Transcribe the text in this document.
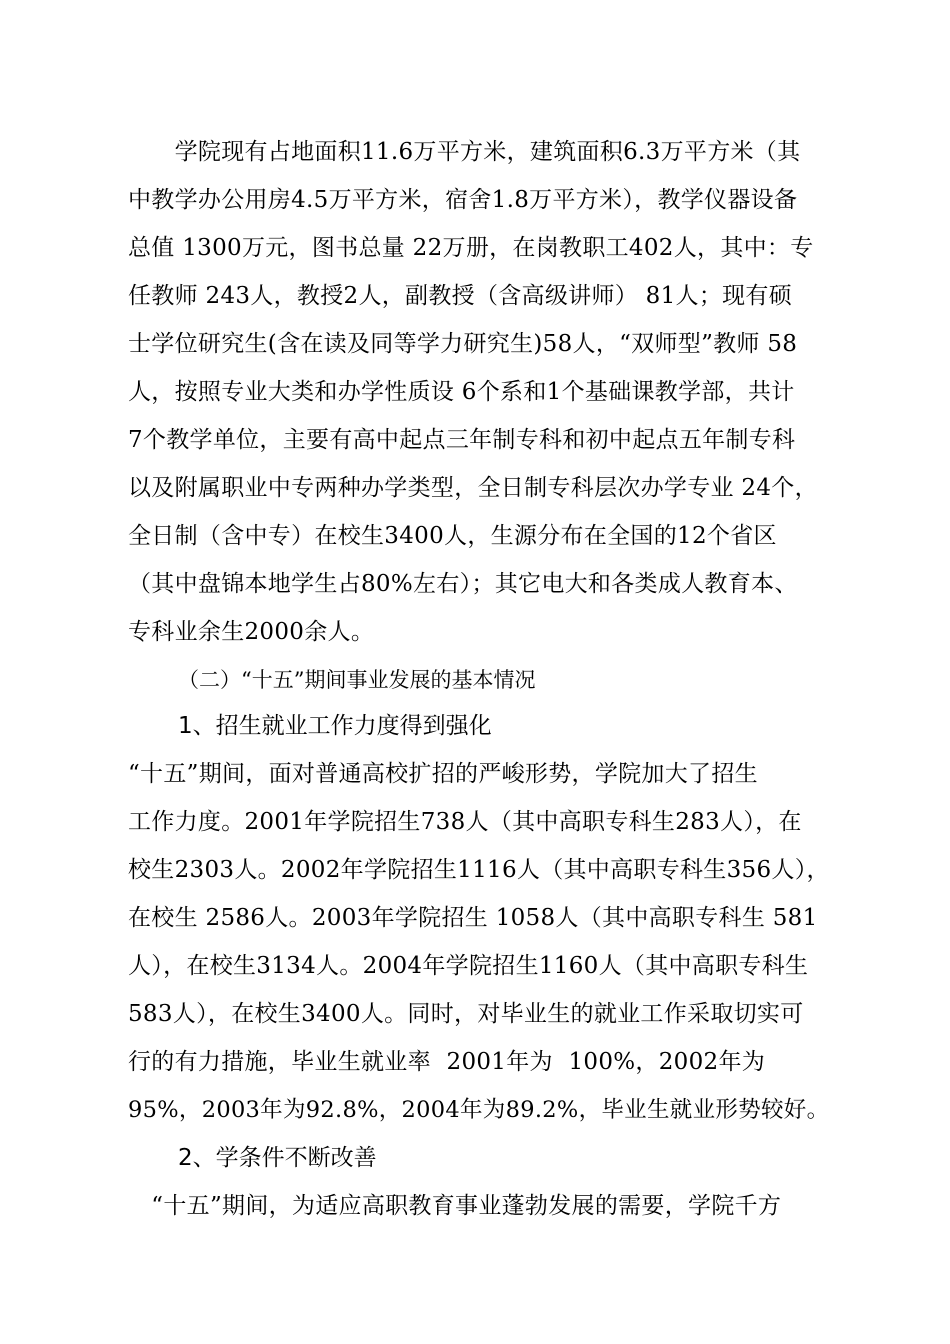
　　学院现有占地面积11.6万平方米，建筑面积6.3万平方米（其
中教学办公用房4.5万平方米，宿舍1.8万平方米），教学仪器设备
总值 1300万元，图书总量 22万册，在岗教职工402人，其中：专
任教师 243人，教授2人，副教授（含高级讲师） 81人；现有硕
士学位研究生(含在读及同等学力研究生)58人，“双师型”教师 58
人，按照专业大类和办学性质设 6个系和1个基础课教学部，共计
7个教学单位，主要有高中起点三年制专科和初中起点五年制专科
以及附属职业中专两种办学类型，全日制专科层次办学专业 24个，
全日制（含中专）在校生3400人，生源分布在全国的12个省区
（其中盘锦本地学生占80%左右）；其它电大和各类成人教育本、
专科业余生2000余人。
（二）“十五”期间事业发展的基本情况
1、招生就业工作力度得到强化
“十五”期间，面对普通高校扩招的严峻形势，学院加大了招生
工作力度。2001年学院招生738人（其中高职专科生283人），在
校生2303人。2002年学院招生1116人（其中高职专科生356人），
在校生 2586人。2003年学院招生 1058人（其中高职专科生 581
人），在校生3134人。2004年学院招生1160人（其中高职专科生
583人），在校生3400人。同时，对毕业生的就业工作采取切实可
行的有力措施，毕业生就业率 2001年为 100%，2002年为
95%，2003年为92.8%，2004年为89.2%，毕业生就业形势较好。
2、学条件不断改善
　“十五”期间，为适应高职教育事业蓬勃发展的需要，学院千方
